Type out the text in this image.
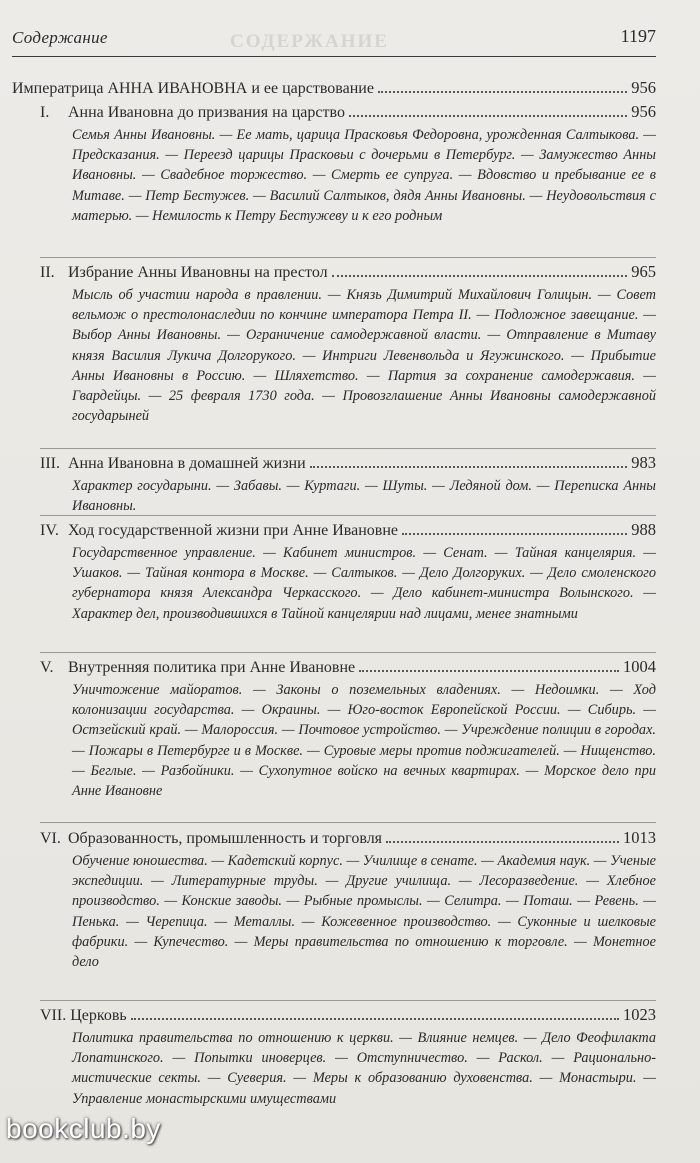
СОДЕРЖАНИЕ
Содержание	1197
Императрица АННА ИВАНОВНА и ее царствование	956
I. Анна Ивановна до призвания на царство	956
Семья Анны Ивановны. — Ее мать, царица Прасковья Федоровна, урожденная Салтыкова. — Предсказания. — Переезд царицы Прасковьи с дочерьми в Петербург. — Замужество Анны Ивановны. — Свадебное торжество. — Смерть ее супруга. — Вдовство и пребывание ее в Митаве. — Петр Бестужев. — Василий Салтыков, дядя Анны Ивановны. — Неудовольствия с матерью. — Немилость к Петру Бестужеву и к его родным
II. Избрание Анны Ивановны на престол	965
Мысль об участии народа в правлении. — Князь Димитрий Михайлович Голицын. — Совет вельмож о престолонаследии по кончине императора Петра II. — Подложное завещание. — Выбор Анны Ивановны. — Ограничение самодержавной власти. — Отправление в Митаву князя Василия Лукича Долгорукого. — Интриги Левенвольда и Ягужинского. — Прибытие Анны Ивановны в Россию. — Шляхетство. — Партия за сохранение самодержавия. — Гвардейцы. — 25 февраля 1730 года. — Провозглашение Анны Ивановны самодержавной государыней
III. Анна Ивановна в домашней жизни	983
Характер государыни. — Забавы. — Куртаги. — Шуты. — Ледяной дом. — Переписка Анны Ивановны.
IV. Ход государственной жизни при Анне Ивановне	988
Государственное управление. — Кабинет министров. — Сенат. — Тайная канцелярия. — Ушаков. — Тайная контора в Москве. — Салтыков. — Дело Долгоруких. — Дело смоленского губернатора князя Александра Черкасского. — Дело кабинет-министра Волынского. — Характер дел, производившихся в Тайной канцелярии над лицами, менее знатными
V. Внутренняя политика при Анне Ивановне	1004
Уничтожение майоратов. — Законы о поземельных владениях. — Недоимки. — Ход колонизации государства. — Окраины. — Юго-восток Европейской России. — Сибирь. — Остзейский край. — Малороссия. — Почтовое устройство. — Учреждение полиции в городах. — Пожары в Петербурге и в Москве. — Суровые меры против поджигателей. — Нищенство. — Беглые. — Разбойники. — Сухопутное войско на вечных квартирах. — Морское дело при Анне Ивановне
VI. Образованность, промышленность и торговля	1013
Обучение юношества. — Кадетский корпус. — Училище в сенате. — Академия наук. — Ученые экспедиции. — Литературные труды. — Другие училища. — Лесоразведение. — Хлебное производство. — Конские заводы. — Рыбные промыслы. — Селитра. — Поташ. — Ревень. — Пенька. — Черепица. — Металлы. — Кожевенное производство. — Суконные и шелковые фабрики. — Купечество. — Меры правительства по отношению к торговле. — Монетное дело
VII. Церковь	1023
Политика правительства по отношению к церкви. — Влияние немцев. — Дело Феофилакта Лопатинского. — Попытки иноверцев. — Отступничество. — Раскол. — Рационально-мистические секты. — Суеверия. — Меры к образованию духовенства. — Монастыри. — Управление монастырскими имуществами
bookclub.by
